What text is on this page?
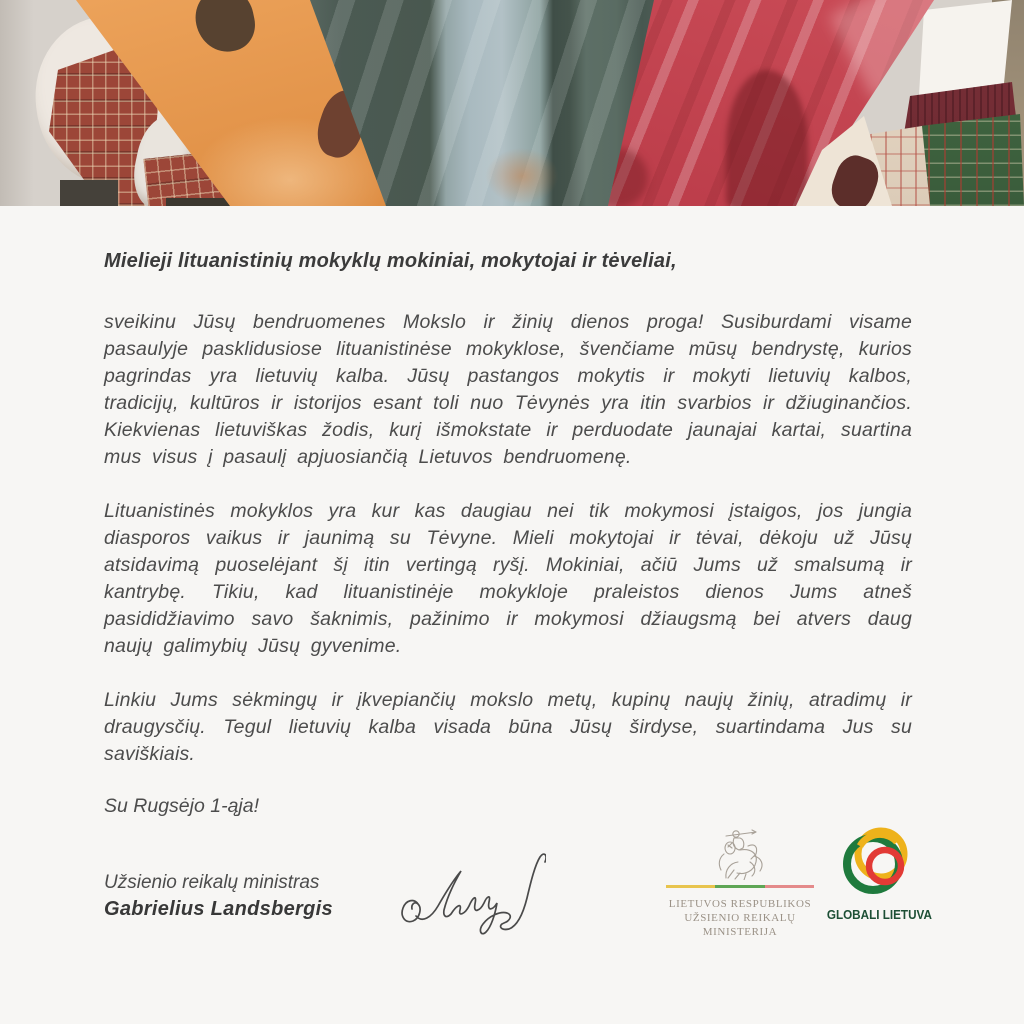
Mielieji lituanistinių mokyklų mokiniai, mokytojai ir tėveliai,

sveikinu Jūsų bendruomenes Mokslo ir žinių dienos proga! Susiburdami visame pasaulyje pasklidusiose lituanistinėse mokyklose, švenčiame mūsų bendrystę, kurios pagrindas yra lietuvių kalba. Jūsų pastangos mokytis ir mokyti lietuvių kalbos, tradicijų, kultūros ir istorijos esant toli nuo Tėvynės yra itin svarbios ir džiuginančios. Kiekvienas lietuviškas žodis, kurį išmokstate ir perduodate jaunajai kartai, suartina mus visus į pasaulį apjuosiančią Lietuvos bendruomenę.

Lituanistinės mokyklos yra kur kas daugiau nei tik mokymosi įstaigos, jos jungia diasporos vaikus ir jaunimą su Tėvyne. Mieli mokytojai ir tėvai, dėkoju už Jūsų atsidavimą puoselėjant šį itin vertingą ryšį. Mokiniai, ačiū Jums už smalsumą ir kantrybę. Tikiu, kad lituanistinėje mokykloje praleistos dienos Jums atneš pasididžiavimo savo šaknimis, pažinimo ir mokymosi džiaugsmą bei atvers daug naujų galimybių Jūsų gyvenime.

Linkiu Jums sėkmingų ir įkvepiančių mokslo metų, kupinų naujų žinių, atradimų ir draugysčių. Tegul lietuvių kalba visada būna Jūsų širdyse, suartindama Jus su saviškiais.

Su Rugsėjo 1-ąja!

Užsienio reikalų ministras
Gabrielius Landsbergis	LIETUVOS RESPUBLIKOS
UŽSIENIO REIKALŲ
MINISTERIJA

GLOBALI LIETUVA
